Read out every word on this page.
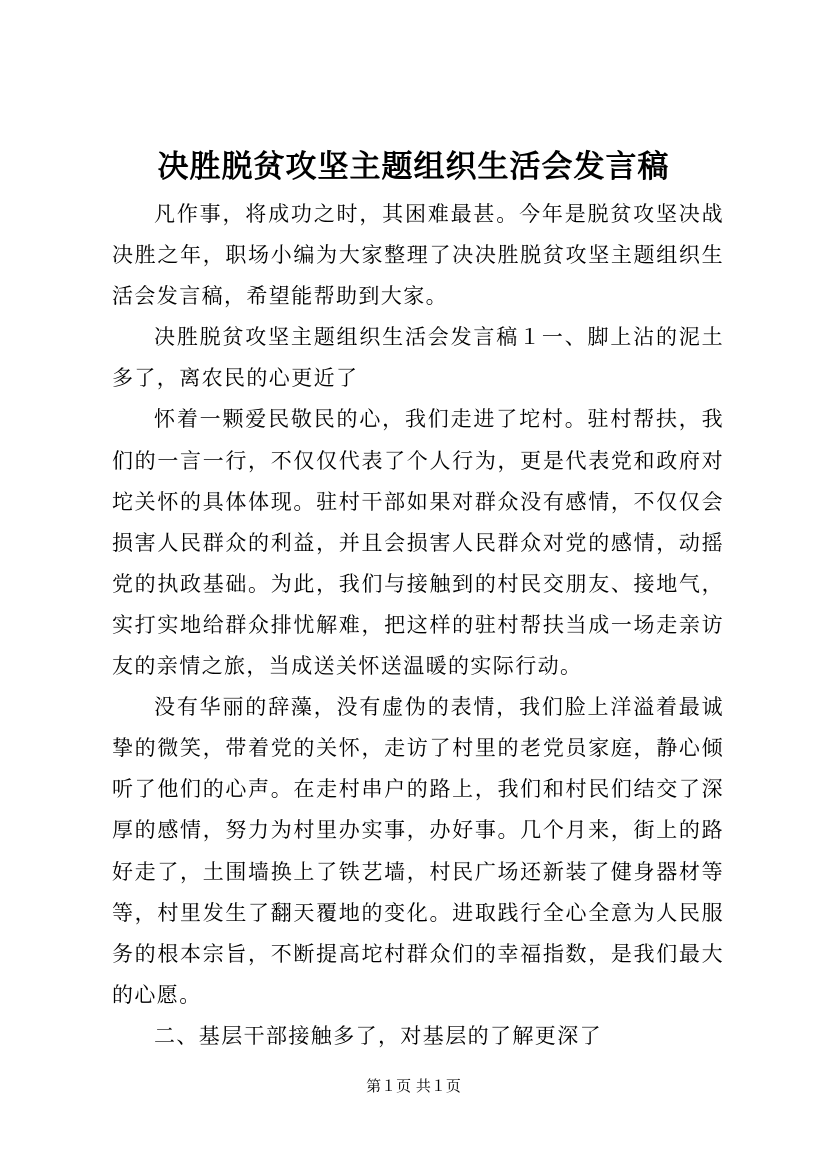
决胜脱贫攻坚主题组织生活会发言稿

凡作事，将成功之时，其困难最甚。今年是脱贫攻坚决战决胜之年，职场小编为大家整理了决决胜脱贫攻坚主题组织生活会发言稿，希望能帮助到大家。

决胜脱贫攻坚主题组织生活会发言稿１一、脚上沾的泥土多了，离农民的心更近了

怀着一颗爱民敬民的心，我们走进了坨村。驻村帮扶，我们的一言一行，不仅仅代表了个人行为，更是代表党和政府对坨关怀的具体体现。驻村干部如果对群众没有感情，不仅仅会损害人民群众的利益，并且会损害人民群众对党的感情，动摇党的执政基础。为此，我们与接触到的村民交朋友、接地气，实打实地给群众排忧解难，把这样的驻村帮扶当成一场走亲访友的亲情之旅，当成送关怀送温暖的实际行动。

没有华丽的辞藻，没有虚伪的表情，我们脸上洋溢着最诚挚的微笑，带着党的关怀，走访了村里的老党员家庭，静心倾听了他们的心声。在走村串户的路上，我们和村民们结交了深厚的感情，努力为村里办实事，办好事。几个月来，街上的路好走了，土围墙换上了铁艺墙，村民广场还新装了健身器材等等，村里发生了翻天覆地的变化。进取践行全心全意为人民服务的根本宗旨，不断提高坨村群众们的幸福指数，是我们最大的心愿。

二、基层干部接触多了，对基层的了解更深了

第１页 共１页
